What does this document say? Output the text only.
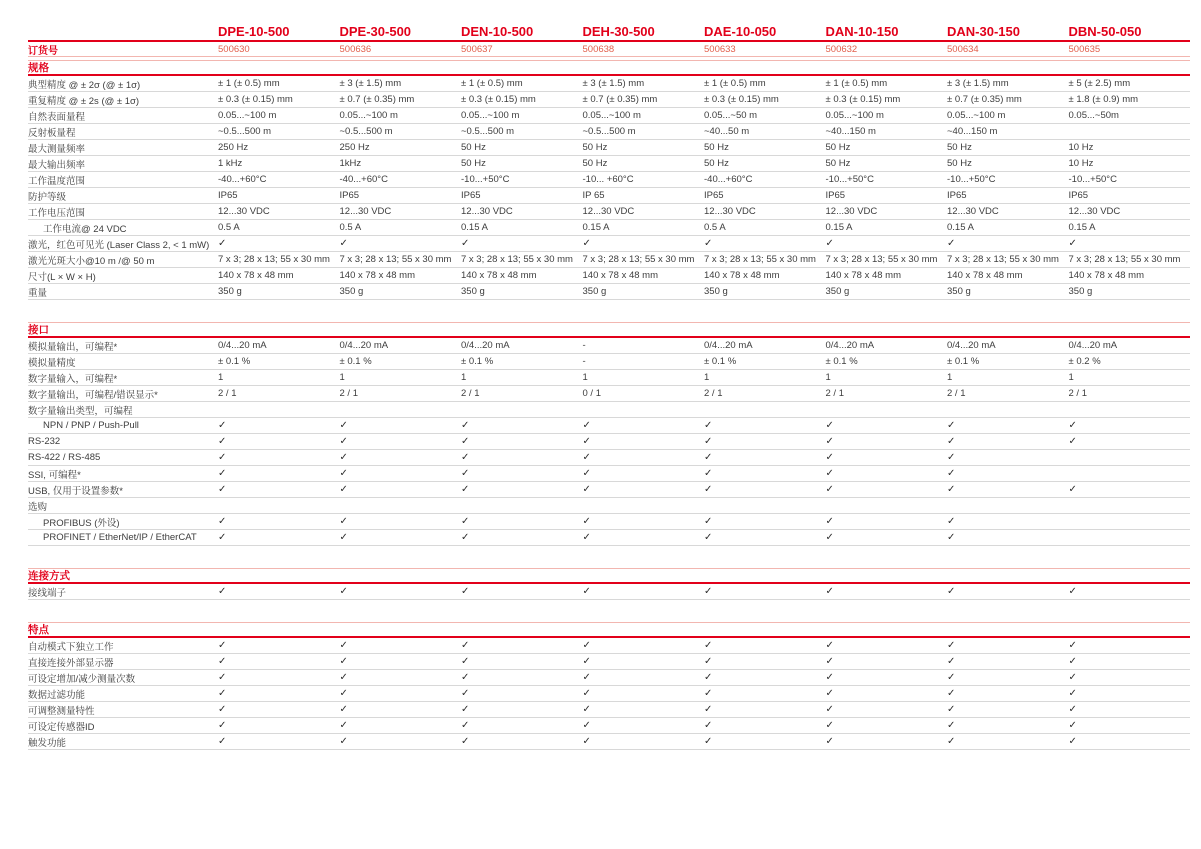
DPE-10-500	DPE-30-500	DEN-10-500	DEH-30-500	DAE-10-050	DAN-10-150	DAN-30-150	DBN-50-050
订货号	500630	500636	500637	500638	500633	500632	500634	500635
规格
典型精度 @ ± 2σ (@ ± 1σ)	± 1 (± 0.5) mm	± 3 (± 1.5) mm	± 1 (± 0.5) mm	± 3 (± 1.5) mm	± 1 (± 0.5) mm	± 1 (± 0.5) mm	± 3 (± 1.5) mm	± 5 (± 2.5) mm
重复精度 @ ± 2s (@ ± 1σ)	± 0.3 (± 0.15) mm	± 0.7 (± 0.35) mm	± 0.3 (± 0.15) mm	± 0.7 (± 0.35) mm	± 0.3 (± 0.15) mm	± 0.3 (± 0.15) mm	± 0.7 (± 0.35) mm	± 1.8 (± 0.9) mm
自然表面量程	0.05...~100 m	0.05...~100 m	0.05...~100 m	0.05...~100 m	0.05...~50 m	0.05...~100 m	0.05...~100 m	0.05...~50m
反射板量程	~0.5...500 m	~0.5...500 m	~0.5...500 m	~0.5...500 m	~40...50 m	~40...150 m	~40...150 m
最大测量频率	250 Hz	250 Hz	50 Hz	50 Hz	50 Hz	50 Hz	50 Hz	10 Hz
最大输出频率	1 kHz	1kHz	50 Hz	50 Hz	50 Hz	50 Hz	50 Hz	10 Hz
工作温度范围	-40...+60°C	-40...+60°C	-10...+50°C	-10... +60°C	-40...+60°C	-10...+50°C	-10...+50°C	-10...+50°C
防护等级	IP65	IP65	IP65	IP 65	IP65	IP65	IP65	IP65
工作电压范围	12...30 VDC	12...30 VDC	12...30 VDC	12...30 VDC	12...30 VDC	12...30 VDC	12...30 VDC	12...30 VDC
工作电流@ 24 VDC	0.5 A	0.5 A	0.15 A	0.15 A	0.5 A	0.15 A	0.15 A	0.15 A
激光，红色可见光 (Laser Class 2, < 1 mW) ✓	✓	✓	✓	✓	✓	✓	✓
激光光斑大小@10 m /@ 50 m	7 x 3; 28 x 13; 55 x 30 mm	7 x 3; 28 x 13; 55 x 30 mm	7 x 3; 28 x 13; 55 x 30 mm	7 x 3; 28 x 13; 55 x 30 mm	7 x 3; 28 x 13; 55 x 30 mm	7 x 3; 28 x 13; 55 x 30 mm	7 x 3; 28 x 13; 55 x 30 mm	7 x 3; 28 x 13; 55 x 30 mm
尺寸(L × W × H)	140 x 78 x 48 mm	140 x 78 x 48 mm	140 x 78 x 48 mm	140 x 78 x 48 mm	140 x 78 x 48 mm	140 x 78 x 48 mm	140 x 78 x 48 mm	140 x 78 x 48 mm
重量	350 g	350 g	350 g	350 g	350 g	350 g	350 g	350 g
接口
模拟量输出，可编程*	0/4...20 mA	0/4...20 mA	0/4...20 mA	-	0/4...20 mA	0/4...20 mA	0/4...20 mA	0/4...20 mA
模拟量精度	± 0.1 %	± 0.1 %	± 0.1 %	-	± 0.1 %	± 0.1 %	± 0.1 %	± 0.2 %
数字量输入，可编程*	1	1	1	1	1	1	1	1
数字量输出，可编程/错误显示*	2 / 1	2 / 1	2 / 1	0 / 1	2 / 1	2 / 1	2 / 1	2 / 1
数字量输出类型，可编程
NPN / PNP / Push-Pull	✓	✓	✓	✓	✓	✓	✓	✓
RS-232	✓	✓	✓	✓	✓	✓	✓	✓
RS-422 / RS-485	✓	✓	✓	✓	✓	✓	✓
SSI, 可编程*	✓	✓	✓	✓	✓	✓	✓
USB, 仅用于设置参数*	✓	✓	✓	✓	✓	✓	✓	✓
选购
PROFIBUS (外设)	✓	✓	✓	✓	✓	✓	✓
PROFINET / EtherNet/IP / EtherCAT	✓	✓	✓	✓	✓	✓	✓
连接方式
接线端子	✓	✓	✓	✓	✓	✓	✓	✓
特点
自动模式下独立工作	✓	✓	✓	✓	✓	✓	✓	✓
直接连接外部显示器	✓	✓	✓	✓	✓	✓	✓	✓
可设定增加/减少测量次数	✓	✓	✓	✓	✓	✓	✓	✓
数据过滤功能	✓	✓	✓	✓	✓	✓	✓	✓
可调整测量特性	✓	✓	✓	✓	✓	✓	✓	✓
可设定传感器ID	✓	✓	✓	✓	✓	✓	✓	✓
触发功能	✓	✓	✓	✓	✓	✓	✓	✓
